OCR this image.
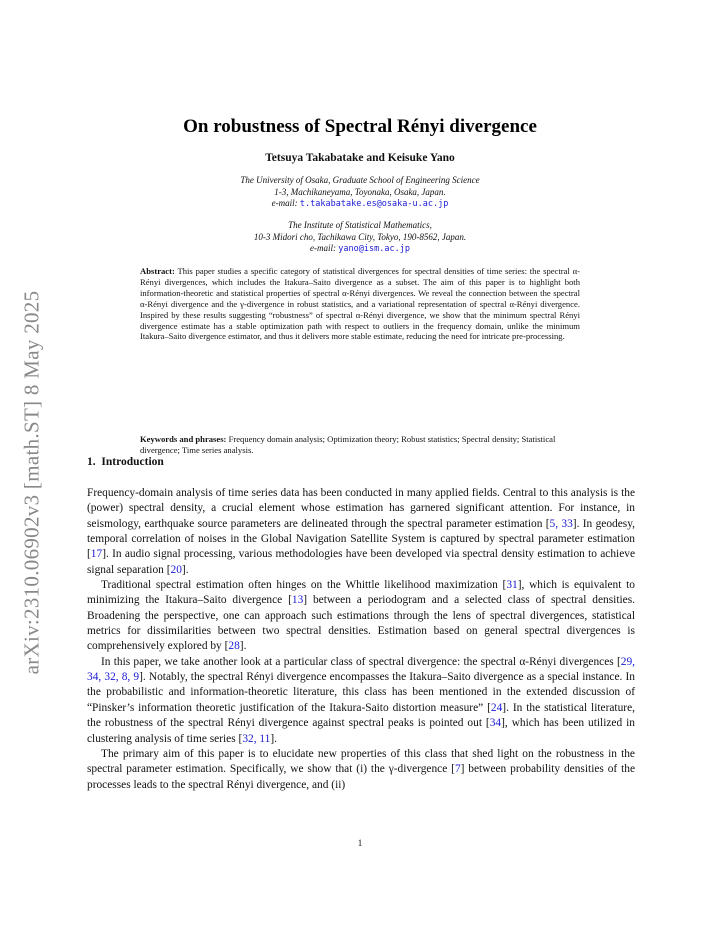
arXiv:2310.06902v3 [math.ST] 8 May 2025
On robustness of Spectral Rényi divergence
Tetsuya Takabatake and Keisuke Yano
The University of Osaka, Graduate School of Engineering Science
1-3, Machikaneyama, Toyonaka, Osaka, Japan.
e-mail: t.takabatake.es@osaka-u.ac.jp
The Institute of Statistical Mathematics,
10-3 Midori cho, Tachikawa City, Tokyo, 190-8562, Japan.
e-mail: yano@ism.ac.jp
Abstract: This paper studies a specific category of statistical divergences for spectral densities of time series: the spectral α-Rényi divergences, which includes the Itakura–Saito divergence as a subset. The aim of this paper is to highlight both information-theoretic and statistical properties of spectral α-Rényi divergences. We reveal the connection between the spectral α-Rényi divergence and the γ-divergence in robust statistics, and a variational representation of spectral α-Rényi divergence. Inspired by these results suggesting “robustness” of spectral α-Rényi divergence, we show that the minimum spectral Rényi divergence estimate has a stable optimization path with respect to outliers in the frequency domain, unlike the minimum Itakura–Saito divergence estimator, and thus it delivers more stable estimate, reducing the need for intricate pre-processing.
Keywords and phrases: Frequency domain analysis; Optimization theory; Robust statistics; Spectral density; Statistical divergence; Time series analysis.
1. Introduction

Frequency-domain analysis of time series data has been conducted in many applied fields. Central to this analysis is the (power) spectral density, a crucial element whose estimation has garnered significant attention. For instance, in seismology, earthquake source parameters are delineated through the spectral parameter estimation [5, 33]. In geodesy, temporal correlation of noises in the Global Navigation Satellite System is captured by spectral parameter estimation [17]. In audio signal processing, various methodologies have been developed via spectral density estimation to achieve signal separation [20].

Traditional spectral estimation often hinges on the Whittle likelihood maximization [31], which is equivalent to minimizing the Itakura–Saito divergence [13] between a periodogram and a selected class of spectral densities. Broadening the perspective, one can approach such estimations through the lens of spectral divergences, statistical metrics for dissimilarities between two spectral densities. Estimation based on general spectral divergences is comprehensively explored by [28].

In this paper, we take another look at a particular class of spectral divergence: the spectral α-Rényi divergences [29, 34, 32, 8, 9]. Notably, the spectral Rényi divergence encompasses the Itakura–Saito divergence as a special instance. In the probabilistic and information-theoretic literature, this class has been mentioned in the extended discussion of “Pinsker’s information theoretic justification of the Itakura-Saito distortion measure” [24]. In the statistical literature, the robustness of the spectral Rényi divergence against spectral peaks is pointed out [34], which has been utilized in clustering analysis of time series [32, 11].

The primary aim of this paper is to elucidate new properties of this class that shed light on the robustness in the spectral parameter estimation. Specifically, we show that (i) the γ-divergence [7] between probability densities of the processes leads to the spectral Rényi divergence, and (ii)

1
